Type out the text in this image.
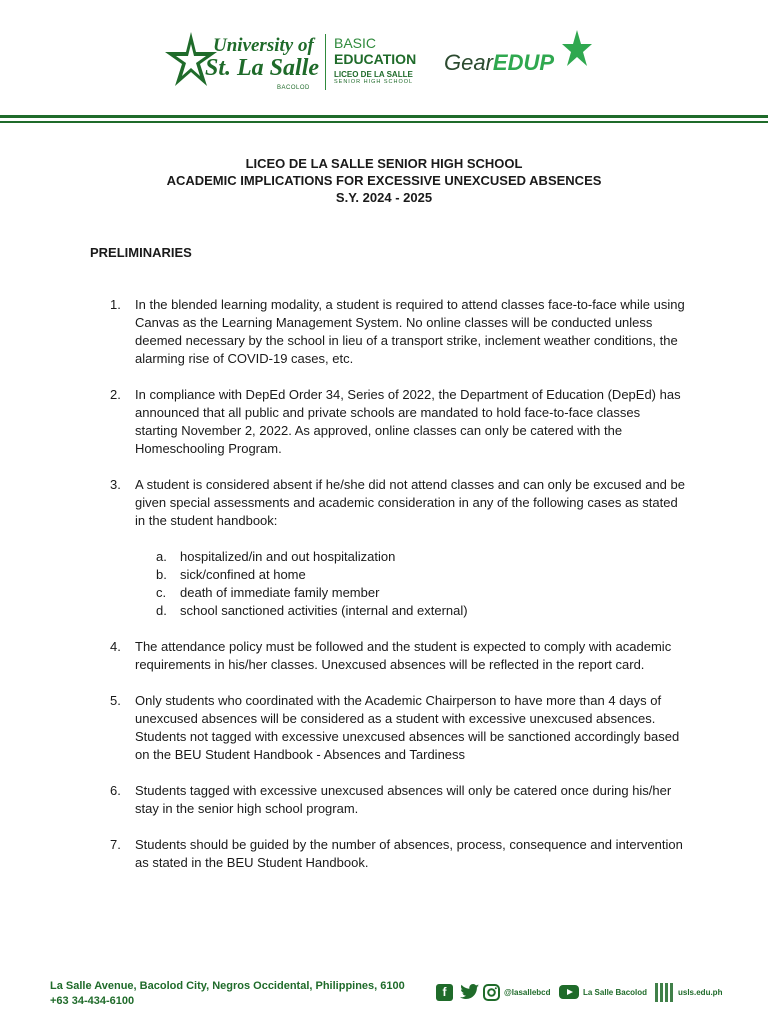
University of
St. La Salle
BACOLOD
BASIC
EDUCATION
LICEO DE LA SALLE
SENIOR HIGH SCHOOL
GearEDUP
LICEO DE LA SALLE SENIOR HIGH SCHOOL
ACADEMIC IMPLICATIONS FOR EXCESSIVE UNEXCUSED ABSENCES
S.Y. 2024 - 2025
PRELIMINARIES
1. In the blended learning modality, a student is required to attend classes face-to-face while using Canvas as the Learning Management System. No online classes will be conducted unless deemed necessary by the school in lieu of a transport strike, inclement weather conditions, the alarming rise of COVID-19 cases, etc.
2. In compliance with DepEd Order 34, Series of 2022, the Department of Education (DepEd) has announced that all public and private schools are mandated to hold face-to-face classes starting November 2, 2022. As approved, online classes can only be catered with the Homeschooling Program.
3. A student is considered absent if he/she did not attend classes and can only be excused and be given special assessments and academic consideration in any of the following cases as stated in the student handbook:
a. hospitalized/in and out hospitalization
b. sick/confined at home
c. death of immediate family member
d. school sanctioned activities (internal and external)
4. The attendance policy must be followed and the student is expected to comply with academic requirements in his/her classes. Unexcused absences will be reflected in the report card.
5. Only students who coordinated with the Academic Chairperson to have more than 4 days of unexcused absences will be considered as a student with excessive unexcused absences. Students not tagged with excessive unexcused absences will be sanctioned accordingly based on the BEU Student Handbook - Absences and Tardiness
6. Students tagged with excessive unexcused absences will only be catered once during his/her stay in the senior high school program.
7. Students should be guided by the number of absences, process, consequence and intervention as stated in the BEU Student Handbook.
La Salle Avenue, Bacolod City, Negros Occidental, Philippines, 6100
+63 34-434-6100
f	@lasallebcd	La Salle Bacolod	usls.edu.ph
